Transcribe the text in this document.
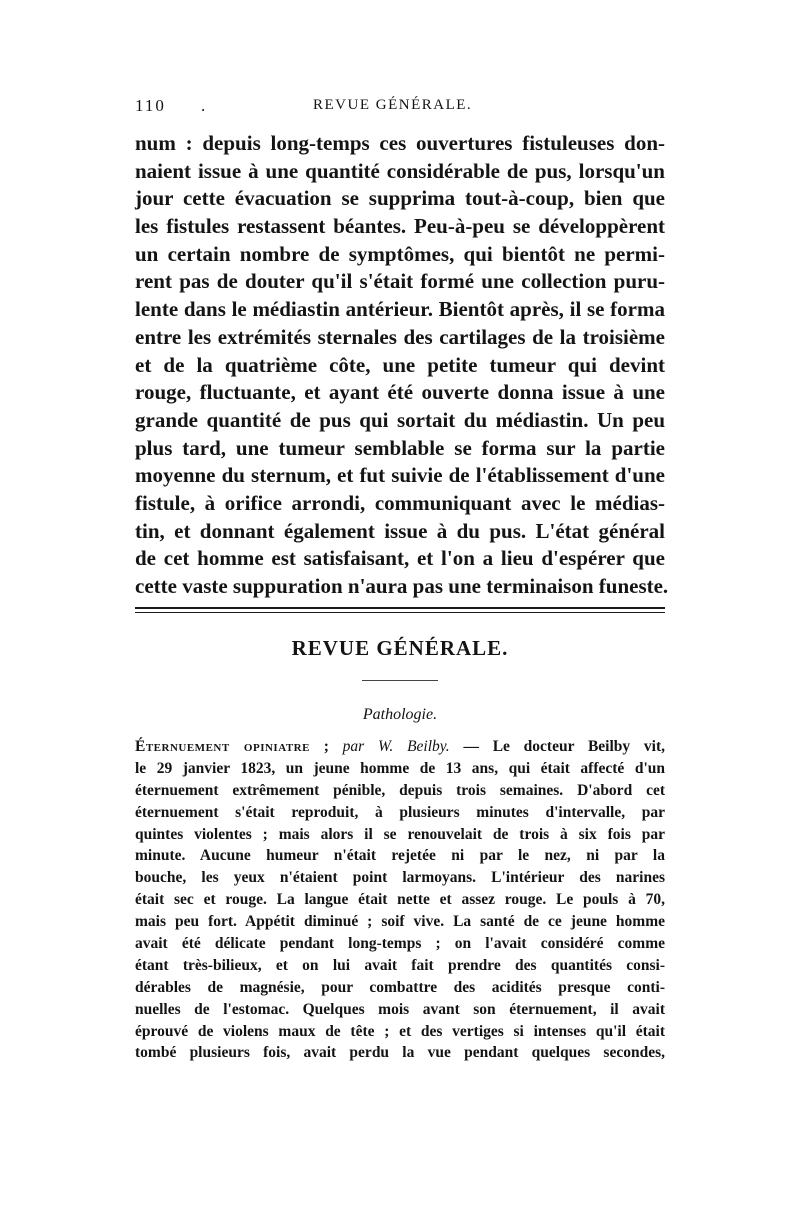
110 .	REVUE GÉNÉRALE.
num : depuis long-temps ces ouvertures fistuleuses don-
naient issue à une quantité considérable de pus, lorsqu'un
jour cette évacuation se supprima tout-à-coup, bien que
les fistules restassent béantes. Peu-à-peu se développèrent
un certain nombre de symptômes, qui bientôt ne permi-
rent pas de douter qu'il s'était formé une collection puru-
lente dans le médiastin antérieur. Bientôt après, il se forma
entre les extrémités sternales des cartilages de la troisième
et de la quatrième côte, une petite tumeur qui devint
rouge, fluctuante, et ayant été ouverte donna issue à une
grande quantité de pus qui sortait du médiastin. Un peu
plus tard, une tumeur semblable se forma sur la partie
moyenne du sternum, et fut suivie de l'établissement d'une
fistule, à orifice arrondi, communiquant avec le médias-
tin, et donnant également issue à du pus. L'état général
de cet homme est satisfaisant, et l'on a lieu d'espérer que
cette vaste suppuration n'aura pas une terminaison funeste.
REVUE GÉNÉRALE.
Pathologie.
Éternuement opiniatre ; par W. Beilby. — Le docteur Beilby vit,
le 29 janvier 1823, un jeune homme de 13 ans, qui était affecté d'un
éternuement extrêmement pénible, depuis trois semaines. D'abord cet
éternuement s'était reproduit, à plusieurs minutes d'intervalle, par
quintes violentes ; mais alors il se renouvelait de trois à six fois par
minute. Aucune humeur n'était rejetée ni par le nez, ni par la
bouche, les yeux n'étaient point larmoyans. L'intérieur des narines
était sec et rouge. La langue était nette et assez rouge. Le pouls à 70,
mais peu fort. Appétit diminué ; soif vive. La santé de ce jeune homme
avait été délicate pendant long-temps ; on l'avait considéré comme
étant très-bilieux, et on lui avait fait prendre des quantités consi-
dérables de magnésie, pour combattre des acidités presque conti-
nuelles de l'estomac. Quelques mois avant son éternuement, il avait
éprouvé de violens maux de tête ; et des vertiges si intenses qu'il était
tombé plusieurs fois, avait perdu la vue pendant quelques secondes,
